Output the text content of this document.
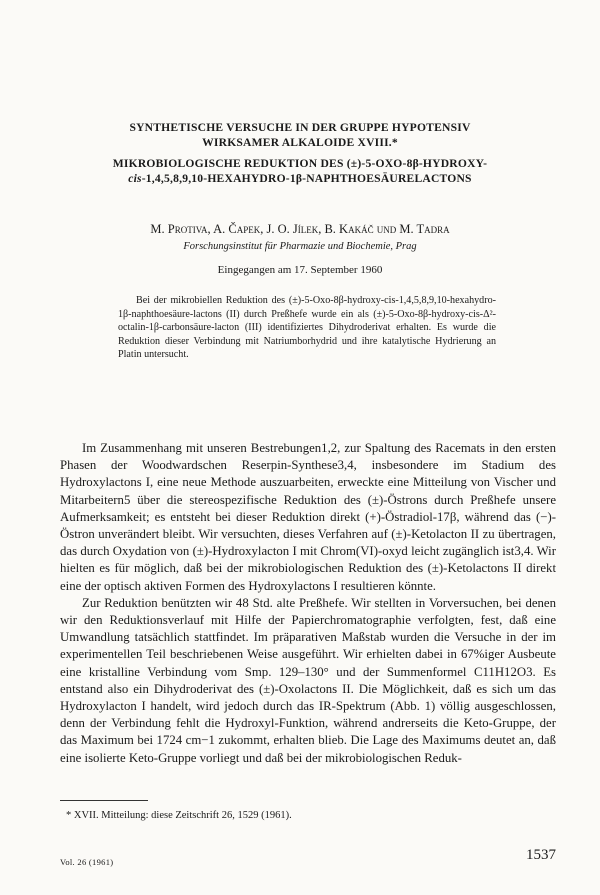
SYNTHETISCHE VERSUCHE IN DER GRUPPE HYPOTENSIV
WIRKSAMER ALKALOIDE XVIII.*
MIKROBIOLOGISCHE REDUKTION DES (±)-5-OXO-8β-HYDROXY-
cis-1,4,5,8,9,10-HEXAHYDRO-1β-NAPHTHOESÄURELACTONS
M. Protiva, A. Čapek, J. O. Jílek, B. Kakáč und M. Tadra
Forschungsinstitut für Pharmazie und Biochemie, Prag
Eingegangen am 17. September 1960

Bei der mikrobiellen Reduktion des (±)-5-Oxo-8β-hydroxy-cis-1,4,5,8,9,10-hexahydro-1β-naphthoesäure-lactons (II) durch Preßhefe wurde ein als (±)-5-Oxo-8β-hydroxy-cis-Δ²-octalin-1β-carbonsäure-lacton (III) identifiziertes Dihydroderivat erhalten. Es wurde die Reduktion dieser Verbindung mit Natriumborhydrid und ihre katalytische Hydrierung an Platin untersucht.

Im Zusammenhang mit unseren Bestrebungen1,2, zur Spaltung des Racemats in den ersten Phasen der Woodwardschen Reserpin-Synthese3,4, insbesondere im Stadium des Hydroxylactons I, eine neue Methode auszuarbeiten, erweckte eine Mitteilung von Vischer und Mitarbeitern5 über die stereospezifische Reduktion des (±)-Östrons durch Preßhefe unsere Aufmerksamkeit; es entsteht bei dieser Reduktion direkt (+)-Östradiol-17β, während das (−)-Östron unverändert bleibt. Wir versuchten, dieses Verfahren auf (±)-Ketolacton II zu übertragen, das durch Oxydation von (±)-Hydroxylacton I mit Chrom(VI)-oxyd leicht zugänglich ist3,4. Wir hielten es für möglich, daß bei der mikrobiologischen Reduktion des (±)-Ketolactons II direkt eine der optisch aktiven Formen des Hydroxylactons I resultieren könnte.

Zur Reduktion benützten wir 48 Std. alte Preßhefe. Wir stellten in Vorversuchen, bei denen wir den Reduktionsverlauf mit Hilfe der Papierchromatographie verfolgten, fest, daß eine Umwandlung tatsächlich stattfindet. Im präparativen Maßstab wurden die Versuche in der im experimentellen Teil beschriebenen Weise ausgeführt. Wir erhielten dabei in 67%iger Ausbeute eine kristalline Verbindung vom Smp. 129–130° und der Summenformel C11H12O3. Es entstand also ein Dihydroderivat des (±)-Oxolactons II. Die Möglichkeit, daß es sich um das Hydroxylacton I handelt, wird jedoch durch das IR-Spektrum (Abb. 1) völlig ausgeschlossen, denn der Verbindung fehlt die Hydroxyl-Funktion, während andrerseits die Keto-Gruppe, der das Maximum bei 1724 cm−1 zukommt, erhalten blieb. Die Lage des Maximums deutet an, daß eine isolierte Keto-Gruppe vorliegt und daß bei der mikrobiologischen Reduk-

* XVII. Mitteilung: diese Zeitschrift 26, 1529 (1961).
Vol. 26 (1961)	1537
